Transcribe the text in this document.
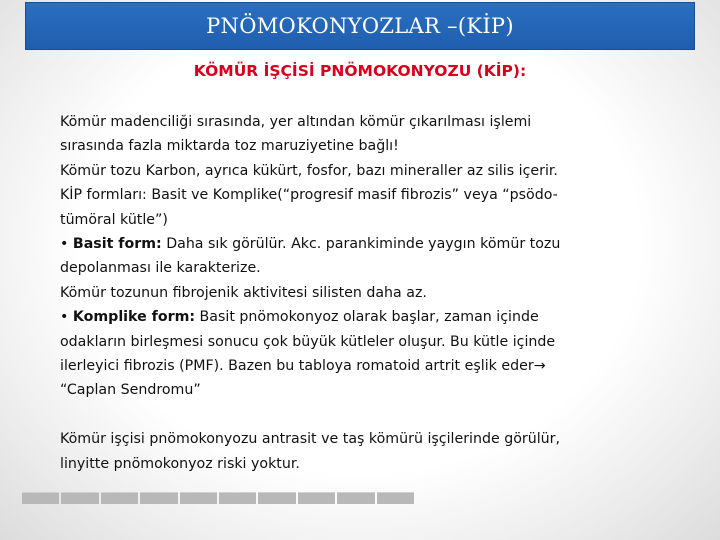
PNÖMOKONYOZLAR –(KİP)
KÖMÜR İŞÇİSİ PNÖMOKONYOZU (KİP):
Kömür madenciliği sırasında, yer altından kömür çıkarılması işlemi
sırasında fazla miktarda toz maruziyetine bağlı!
Kömür tozu Karbon, ayrıca kükürt, fosfor, bazı mineraller az silis içerir.
KİP formları: Basit ve Komplike(“progresif masif fibrozis” veya “psödo-
tümöral kütle”)
• Basit form: Daha sık görülür. Akc. parankiminde yaygın kömür tozu
depolanması ile karakterize.
Kömür tozunun fibrojenik aktivitesi silisten daha az.
• Komplike form: Basit pnömokonyoz olarak başlar, zaman içinde
odakların birleşmesi sonucu çok büyük kütleler oluşur. Bu kütle içinde
ilerleyici fibrozis (PMF). Bazen bu tabloya romatoid artrit eşlik eder→
“Caplan Sendromu”
Kömür işçisi pnömokonyozu antrasit ve taş kömürü işçilerinde görülür,
linyitte pnömokonyoz riski yoktur.
